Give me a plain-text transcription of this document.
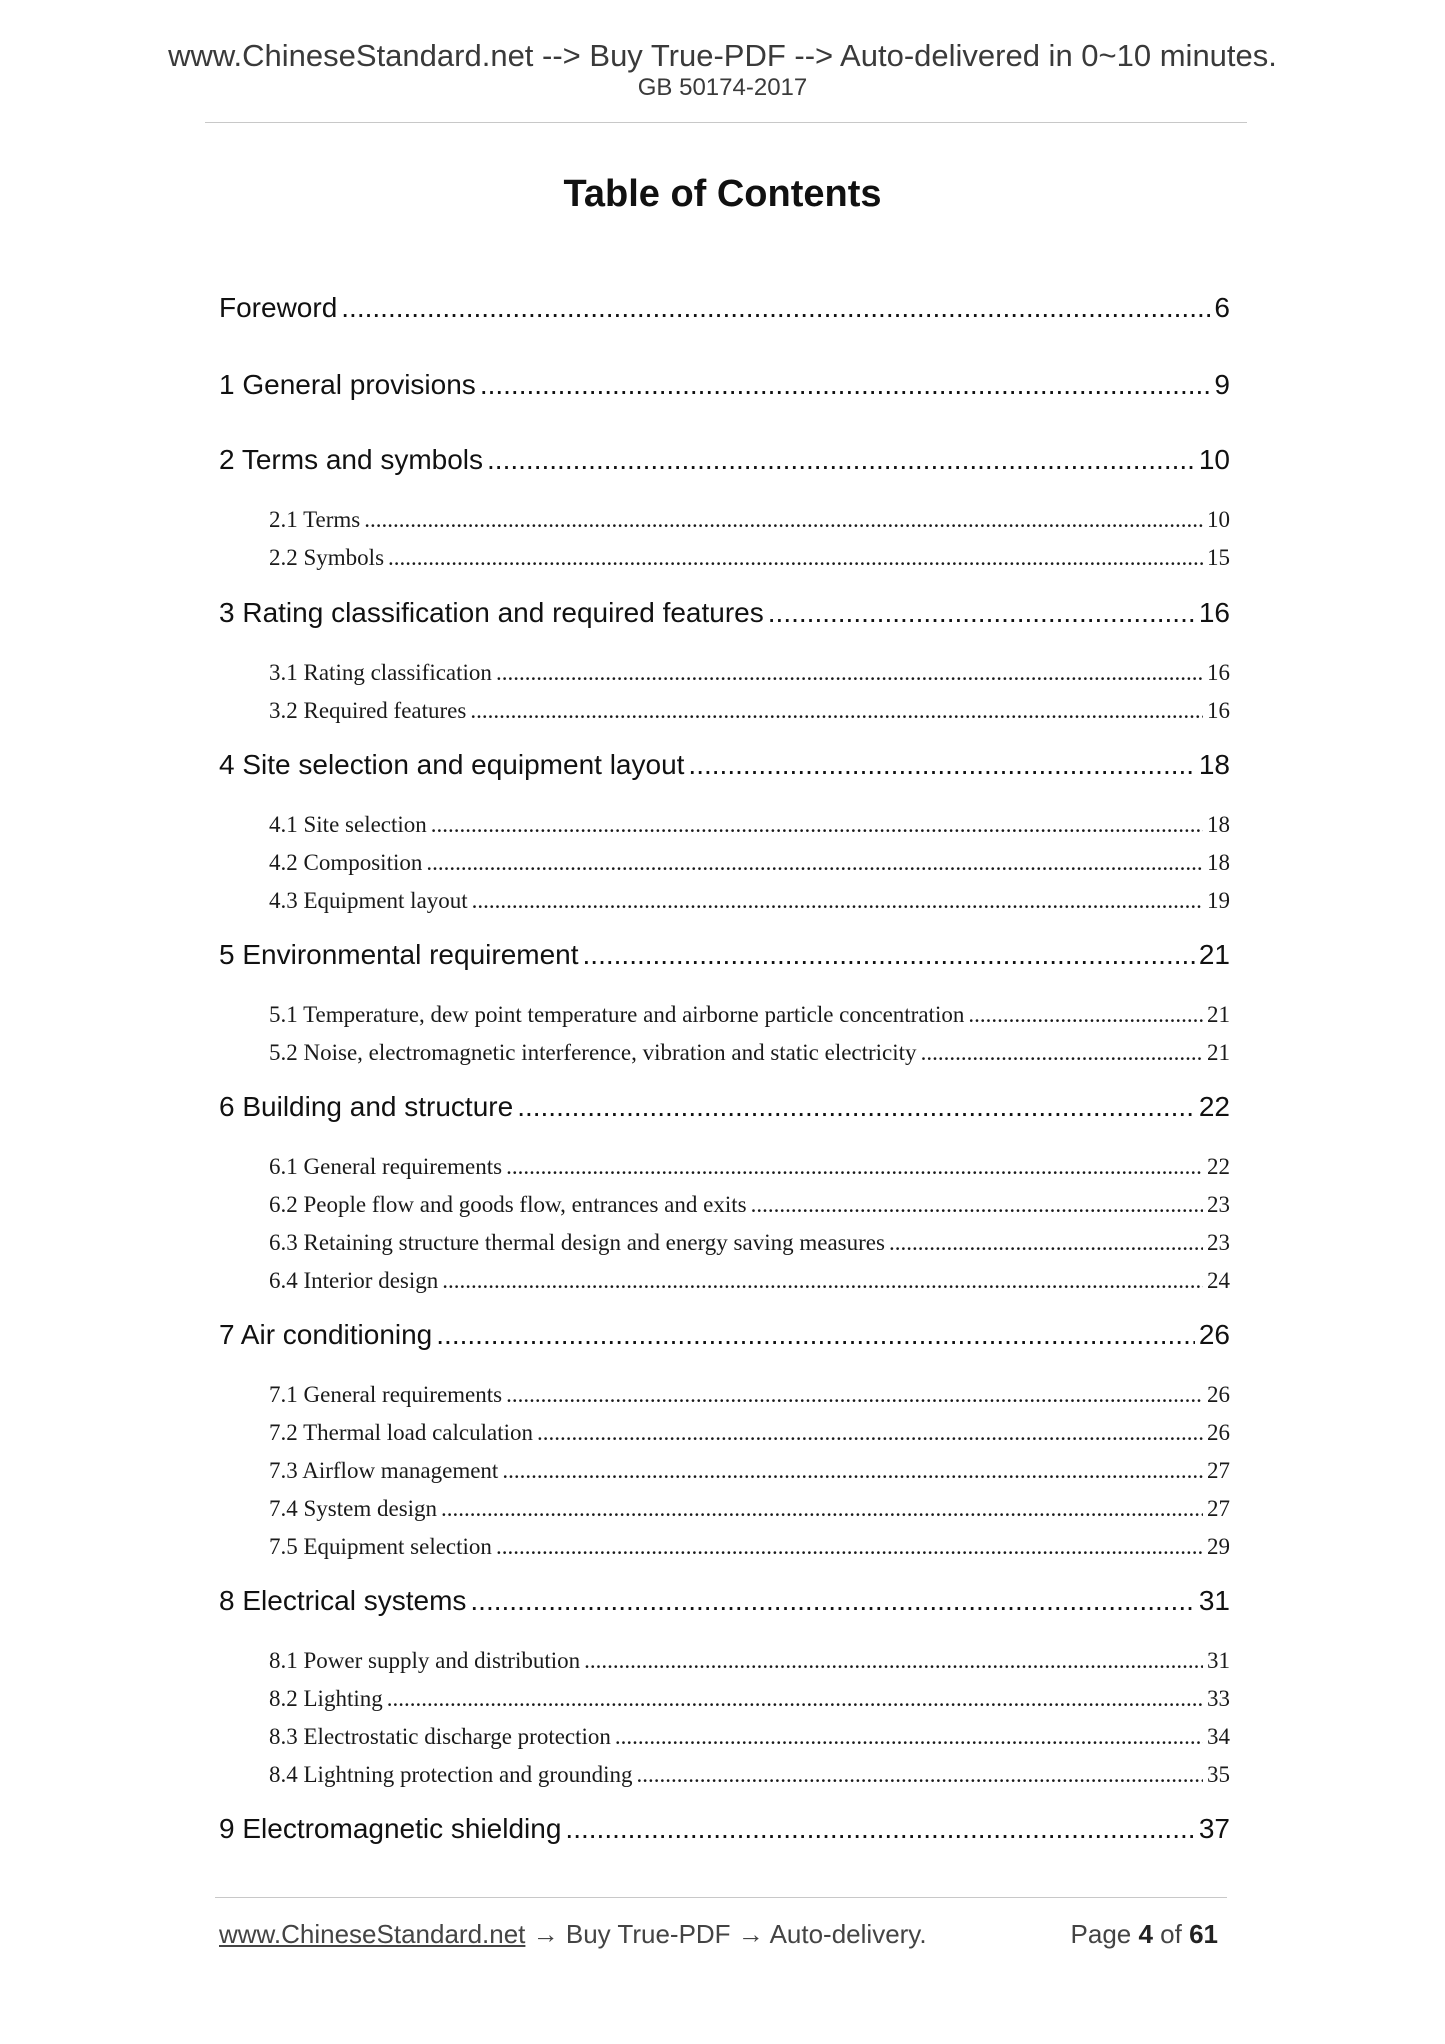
www.ChineseStandard.net --> Buy True-PDF --> Auto-delivered in 0~10 minutes.
GB 50174-2017
Table of Contents
Foreword .....	6
1 General provisions .....	9
2 Terms and symbols .....	10
2.1 Terms .....	10
2.2 Symbols .....	15
3 Rating classification and required features .....	16
3.1 Rating classification .....	16
3.2 Required features .....	16
4 Site selection and equipment layout .....	18
4.1 Site selection .....	18
4.2 Composition .....	18
4.3 Equipment layout .....	19
5 Environmental requirement .....	21
5.1 Temperature, dew point temperature and airborne particle concentration .....	21
5.2 Noise, electromagnetic interference, vibration and static electricity .....	21
6 Building and structure .....	22
6.1 General requirements .....	22
6.2 People flow and goods flow, entrances and exits .....	23
6.3 Retaining structure thermal design and energy saving measures .....	23
6.4 Interior design .....	24
7 Air conditioning .....	26
7.1 General requirements .....	26
7.2 Thermal load calculation .....	26
7.3 Airflow management .....	27
7.4 System design .....	27
7.5 Equipment selection .....	29
8 Electrical systems .....	31
8.1 Power supply and distribution .....	31
8.2 Lighting .....	33
8.3 Electrostatic discharge protection .....	34
8.4 Lightning protection and grounding .....	35
9 Electromagnetic shielding .....	37
www.ChineseStandard.net → Buy True-PDF → Auto-delivery.	Page 4 of 61
